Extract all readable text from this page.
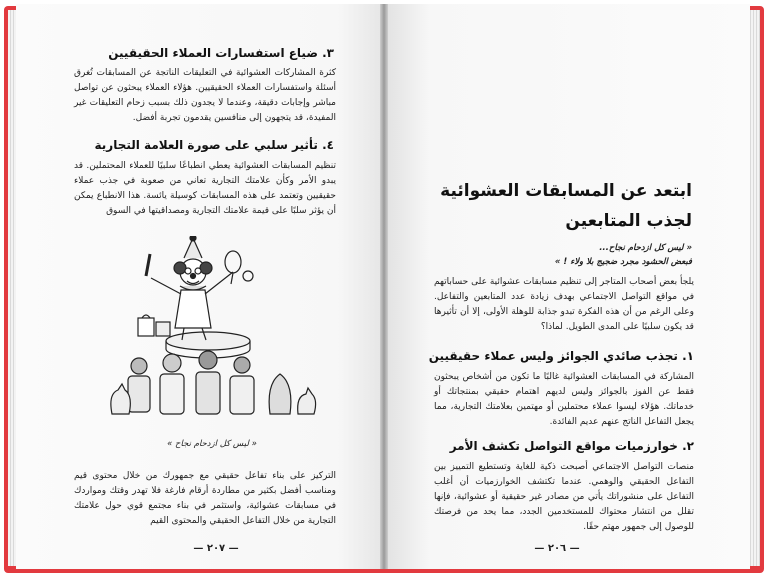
٣. ضياع استفسارات العملاء الحقيقيين
كثرة المشاركات العشوائية في التعليقات الناتجة عن المسابقات تُغرق أسئلة واستفسارات العملاء الحقيقيين. هؤلاء العملاء يبحثون عن تواصل مباشر وإجابات دقيقة، وعندما لا يجدون ذلك بسبب زحام التعليقات غير المفيدة، قد يتجهون إلى منافسين يقدمون تجربة أفضل.
٤. تأثير سلبي على صورة العلامة التجارية
تنظيم المسابقات العشوائية يعطي انطباعًا سلبيًا للعملاء المحتملين. قد يبدو الأمر وكأن علامتك التجارية تعاني من صعوبة في جذب عملاء حقيقيين وتعتمد على هذه المسابقات كوسيلة يائسة. هذا الانطباع يمكن أن يؤثر سلبًا على قيمة علامتك التجارية ومصداقيتها في السوق
« ليس كل ازدحام نجاح »
التركيز على بناء تفاعل حقيقي مع جمهورك من خلال محتوى قيم ومناسب أفضل بكثير من مطاردة أرقام فارغة فلا تهدر وقتك ومواردك في مسابقات عشوائية، واستثمر في بناء مجتمع قوي حول علامتك التجارية من خلال التفاعل الحقيقي والمحتوى القيم
— ٢٠٧ —
ابتعد عن المسابقات العشوائية لجذب المتابعين
« ليس كل ازدحام نجاح...
فبعض الحشود مجرد ضجيج بلا ولاء ! »
يلجأ بعض أصحاب المتاجر إلى تنظيم مسابقات عشوائية على حساباتهم في مواقع التواصل الاجتماعي بهدف زيادة عدد المتابعين والتفاعل. وعلى الرغم من أن هذه الفكرة تبدو جذابة للوهلة الأولى، إلا أن تأثيرها قد يكون سلبيًا على المدى الطويل. لماذا؟
١. تجذب صائدي الجوائز وليس عملاء حقيقيين
المشاركة في المسابقات العشوائية غالبًا ما تكون من أشخاص يبحثون فقط عن الفوز بالجوائز وليس لديهم اهتمام حقيقي بمنتجاتك أو خدماتك. هؤلاء ليسوا عملاء محتملين أو مهتمين بعلامتك التجارية، مما يجعل التفاعل الناتج عنهم عديم الفائدة.
٢. خوارزميات مواقع التواصل تكشف الأمر
منصات التواصل الاجتماعي أصبحت ذكية للغاية وتستطيع التمييز بين التفاعل الحقيقي والوهمي. عندما تكتشف الخوارزميات أن أغلب التفاعل على منشوراتك يأتي من مصادر غير حقيقية أو عشوائية، فإنها تقلل من انتشار محتواك للمستخدمين الجدد، مما يحد من فرصتك للوصول إلى جمهور مهتم حقًا.
— ٢٠٦ —
